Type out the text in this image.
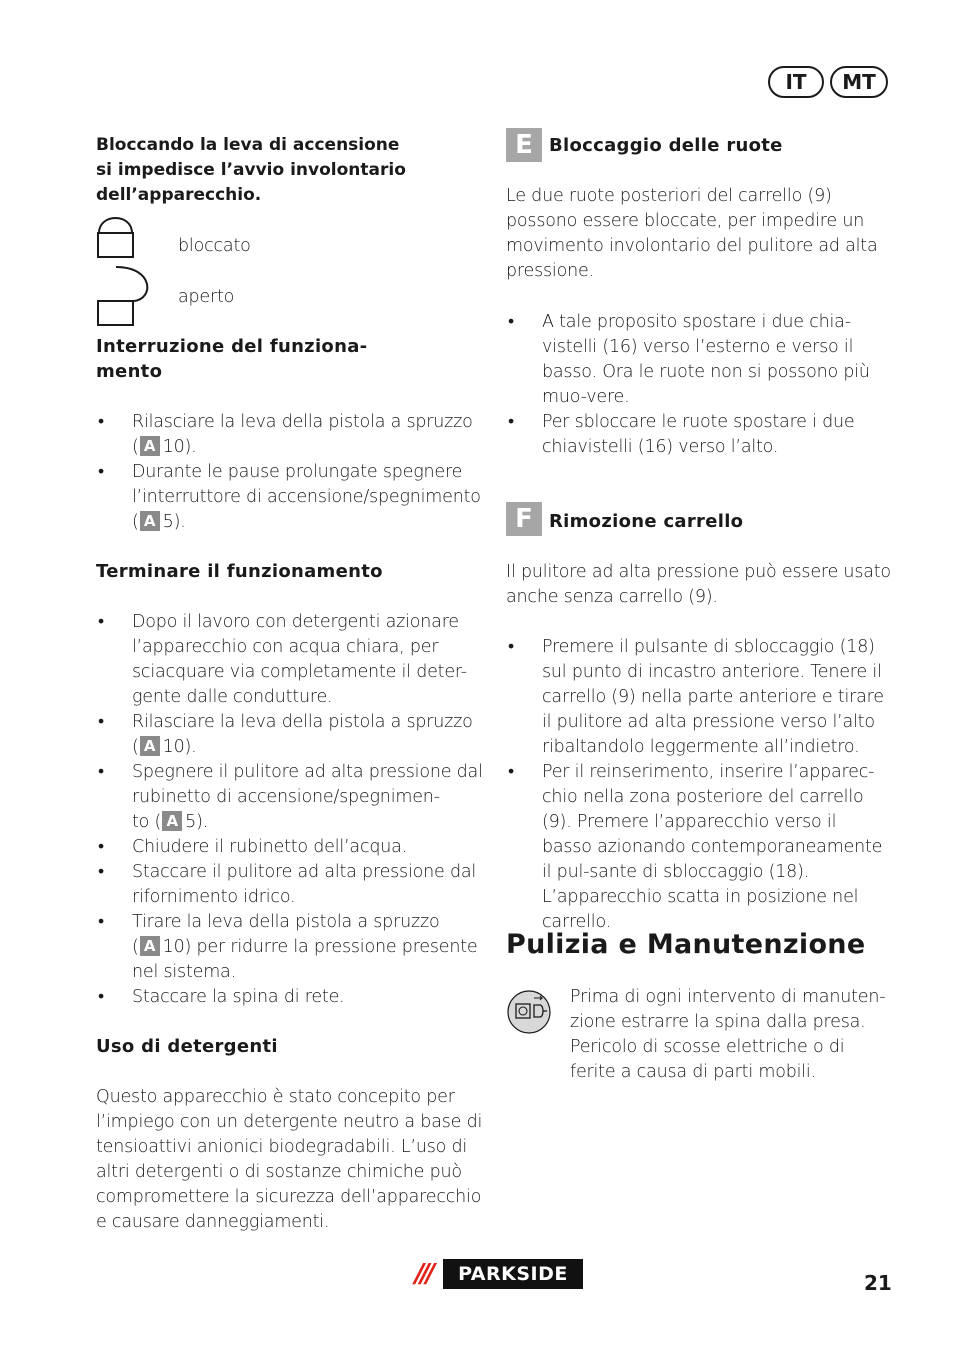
IT	MT
Bloccando la leva di accensione
si impedisce l’avvio involontario
dell’apparecchio.
bloccato
aperto
Interruzione del funziona-
mento
• Rilasciare la leva della pistola a spruzzo
( A 10).
• Durante le pause prolungate spegnere
l’interruttore di accensione/spegnimento
( A 5).
Terminare il funzionamento
• Dopo il lavoro con detergenti azionare l’apparecchio con acqua chiara, per sciacquare via completamente il deter-gente dalle condutture.
• Rilasciare la leva della pistola a spruzzo
( A 10).
• Spegnere il pulitore ad alta pressione dal rubinetto di accensione/spegnimen-
to ( A 5).
• Chiudere il rubinetto dell’acqua.
• Staccare il pulitore ad alta pressione dal rifornimento idrico.
• Tirare la leva della pistola a spruzzo
( A 10) per ridurre la pressione presente nel sistema.
• Staccare la spina di rete.
Uso di detergenti

Questo apparecchio è stato concepito per l’impiego con un detergente neutro a base di tensioattivi anionici biodegradabili. L’uso di altri detergenti o di sostanze chimiche può compromettere la sicurezza dell’apparecchio e causare danneggiamenti.

E Bloccaggio delle ruote

Le due ruote posteriori del carrello (9) possono essere bloccate, per impedire un movimento involontario del pulitore ad alta pressione.

• A tale proposito spostare i due chia-vistelli (16) verso l’esterno e verso il basso. Ora le ruote non si possono più muo-vere.
• Per sbloccare le ruote spostare i due chiavistelli (16) verso l’alto.
F Rimozione carrello

Il pulitore ad alta pressione può essere usato anche senza carrello (9).

• Premere il pulsante di sbloccaggio (18) sul punto di incastro anteriore. Tenere il carrello (9) nella parte anteriore e tirare il pulitore ad alta pressione verso l’alto ribaltandolo leggermente all’indietro.
• Per il reinserimento, inserire l’apparec-chio nella zona posteriore del carrello (9). Premere l’apparecchio verso il basso azionando contemporaneamente il pul-sante di sbloccaggio (18). L’apparecchio scatta in posizione nel carrello.
Pulizia e Manutenzione

Prima di ogni intervento di manuten-zione estrarre la spina dalla presa. Pericolo di scosse elettriche o di ferite a causa di parti mobili.

///	PARKSIDE	21
